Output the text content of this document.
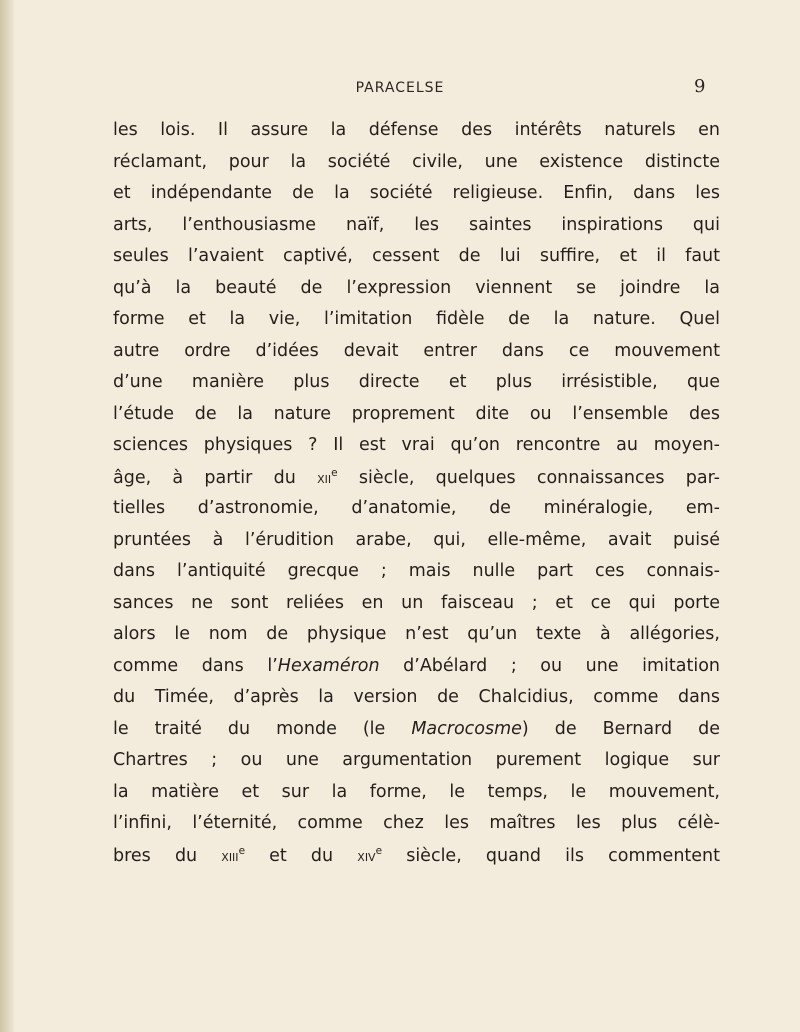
PARACELSE	9
les lois. Il assure la défense des intérêts naturels en
réclamant, pour la société civile, une existence distincte
et indépendante de la société religieuse. Enfin, dans les
arts, l’enthousiasme naïf, les saintes inspirations qui
seules l’avaient captivé, cessent de lui suffire, et il faut
qu’à la beauté de l’expression viennent se joindre la
forme et la vie, l’imitation fidèle de la nature. Quel
autre ordre d’idées devait entrer dans ce mouvement
d’une manière plus directe et plus irrésistible, que
l’étude de la nature proprement dite ou l’ensemble des
sciences physiques ? Il est vrai qu’on rencontre au moyen-
âge, à partir du xii$^e$ siècle, quelques connaissances par-
tielles d’astronomie, d’anatomie, de minéralogie, em-
pruntées à l’érudition arabe, qui, elle-même, avait puisé
dans l’antiquité grecque ; mais nulle part ces connais-
sances ne sont reliées en un faisceau ; et ce qui porte
alors le nom de physique n’est qu’un texte à allégories,
comme dans l’Hexaméron d’Abélard ; ou une imitation
du Timée, d’après la version de Chalcidius, comme dans
le traité du monde (le Macrocosme) de Bernard de
Chartres ; ou une argumentation purement logique sur
la matière et sur la forme, le temps, le mouvement,
l’infini, l’éternité, comme chez les maîtres les plus célè-
bres du xiii$^e$ et du xiv$^e$ siècle, quand ils commentent
